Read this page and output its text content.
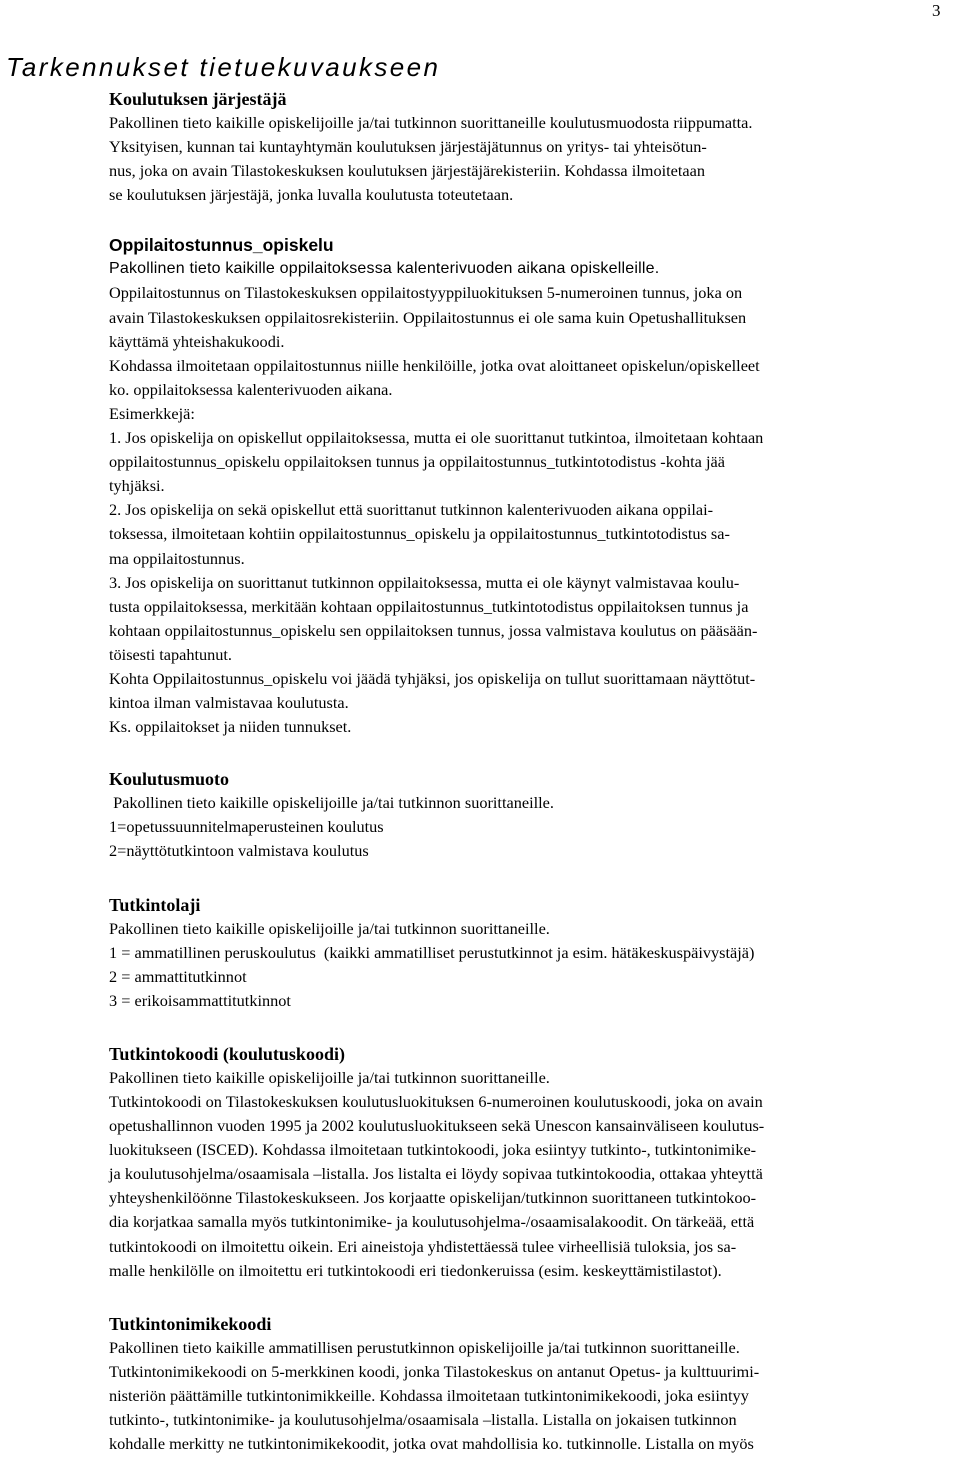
3
Tarkennukset tietuekuvaukseen
Koulutuksen järjestäjä
Pakollinen tieto kaikille opiskelijoille ja/tai tutkinnon suorittaneille koulutusmuodosta riippumatta.
Yksityisen, kunnan tai kuntayhtymän koulutuksen järjestäjätunnus on yritys- tai yhteisötun-
nus, joka on avain Tilastokeskuksen koulutuksen järjestäjärekisteriin. Kohdassa ilmoitetaan
se koulutuksen järjestäjä, jonka luvalla koulutusta toteutetaan.
Oppilaitostunnus_opiskelu
Pakollinen tieto kaikille oppilaitoksessa kalenterivuoden aikana opiskelleille.
Oppilaitostunnus on Tilastokeskuksen oppilaitostyyppiluokituksen 5-numeroinen tunnus, joka on
avain Tilastokeskuksen oppilaitosrekisteriin. Oppilaitostunnus ei ole sama kuin Opetushallituksen
käyttämä yhteishakukoodi.
Kohdassa ilmoitetaan oppilaitostunnus niille henkilöille, jotka ovat aloittaneet opiskelun/opiskelleet
ko. oppilaitoksessa kalenterivuoden aikana.
Esimerkkejä:
1. Jos opiskelija on opiskellut oppilaitoksessa, mutta ei ole suorittanut tutkintoa, ilmoitetaan kohtaan
oppilaitostunnus_opiskelu oppilaitoksen tunnus ja oppilaitostunnus_tutkintotodistus -kohta jää
tyhjäksi.
2. Jos opiskelija on sekä opiskellut että suorittanut tutkinnon kalenterivuoden aikana oppilai-
toksessa, ilmoitetaan kohtiin oppilaitostunnus_opiskelu ja oppilaitostunnus_tutkintotodistus sa-
ma oppilaitostunnus.
3. Jos opiskelija on suorittanut tutkinnon oppilaitoksessa, mutta ei ole käynyt valmistavaa koulu-
tusta oppilaitoksessa, merkitään kohtaan oppilaitostunnus_tutkintotodistus oppilaitoksen tunnus ja
kohtaan oppilaitostunnus_opiskelu sen oppilaitoksen tunnus, jossa valmistava koulutus on pääsään-
töisesti tapahtunut.
Kohta Oppilaitostunnus_opiskelu voi jäädä tyhjäksi, jos opiskelija on tullut suorittamaan näyttötut-
kintoa ilman valmistavaa koulutusta.
Ks. oppilaitokset ja niiden tunnukset.
Koulutusmuoto
Pakollinen tieto kaikille opiskelijoille ja/tai tutkinnon suorittaneille.
1=opetussuunnitelmaperusteinen koulutus
2=näyttötutkintoon valmistava koulutus
Tutkintolaji
Pakollinen tieto kaikille opiskelijoille ja/tai tutkinnon suorittaneille.
1 = ammatillinen peruskoulutus  (kaikki ammatilliset perustutkinnot ja esim. hätäkeskuspäivystäjä)
2 = ammattitutkinnot
3 = erikoisammattitutkinnot
Tutkintokoodi (koulutuskoodi)
Pakollinen tieto kaikille opiskelijoille ja/tai tutkinnon suorittaneille.
Tutkintokoodi on Tilastokeskuksen koulutusluokituksen 6-numeroinen koulutuskoodi, joka on avain
opetushallinnon vuoden 1995 ja 2002 koulutusluokitukseen sekä Unescon kansainväliseen koulutus-
luokitukseen (ISCED). Kohdassa ilmoitetaan tutkintokoodi, joka esiintyy tutkinto-, tutkintonimike-
ja koulutusohjelma/osaamisala –listalla. Jos listalta ei löydy sopivaa tutkintokoodia, ottakaa yhteyttä
yhteyshenkilöönne Tilastokeskukseen. Jos korjaatte opiskelijan/tutkinnon suorittaneen tutkintokoo-
dia korjatkaa samalla myös tutkintonimike- ja koulutusohjelma-/osaamisalakoodit. On tärkeää, että
tutkintokoodi on ilmoitettu oikein. Eri aineistoja yhdistettäessä tulee virheellisiä tuloksia, jos sa-
malle henkilölle on ilmoitettu eri tutkintokoodi eri tiedonkeruissa (esim. keskeyttämistilastot).
Tutkintonimikekoodi
Pakollinen tieto kaikille ammatillisen perustutkinnon opiskelijoille ja/tai tutkinnon suorittaneille.
Tutkintonimikekoodi on 5-merkkinen koodi, jonka Tilastokeskus on antanut Opetus- ja kulttuurimi-
nisteriön päättämille tutkintonimikkeille. Kohdassa ilmoitetaan tutkintonimikekoodi, joka esiintyy
tutkinto-, tutkintonimike- ja koulutusohjelma/osaamisala –listalla. Listalla on jokaisen tutkinnon
kohdalle merkitty ne tutkintonimikekoodit, jotka ovat mahdollisia ko. tutkinnolle. Listalla on myös
